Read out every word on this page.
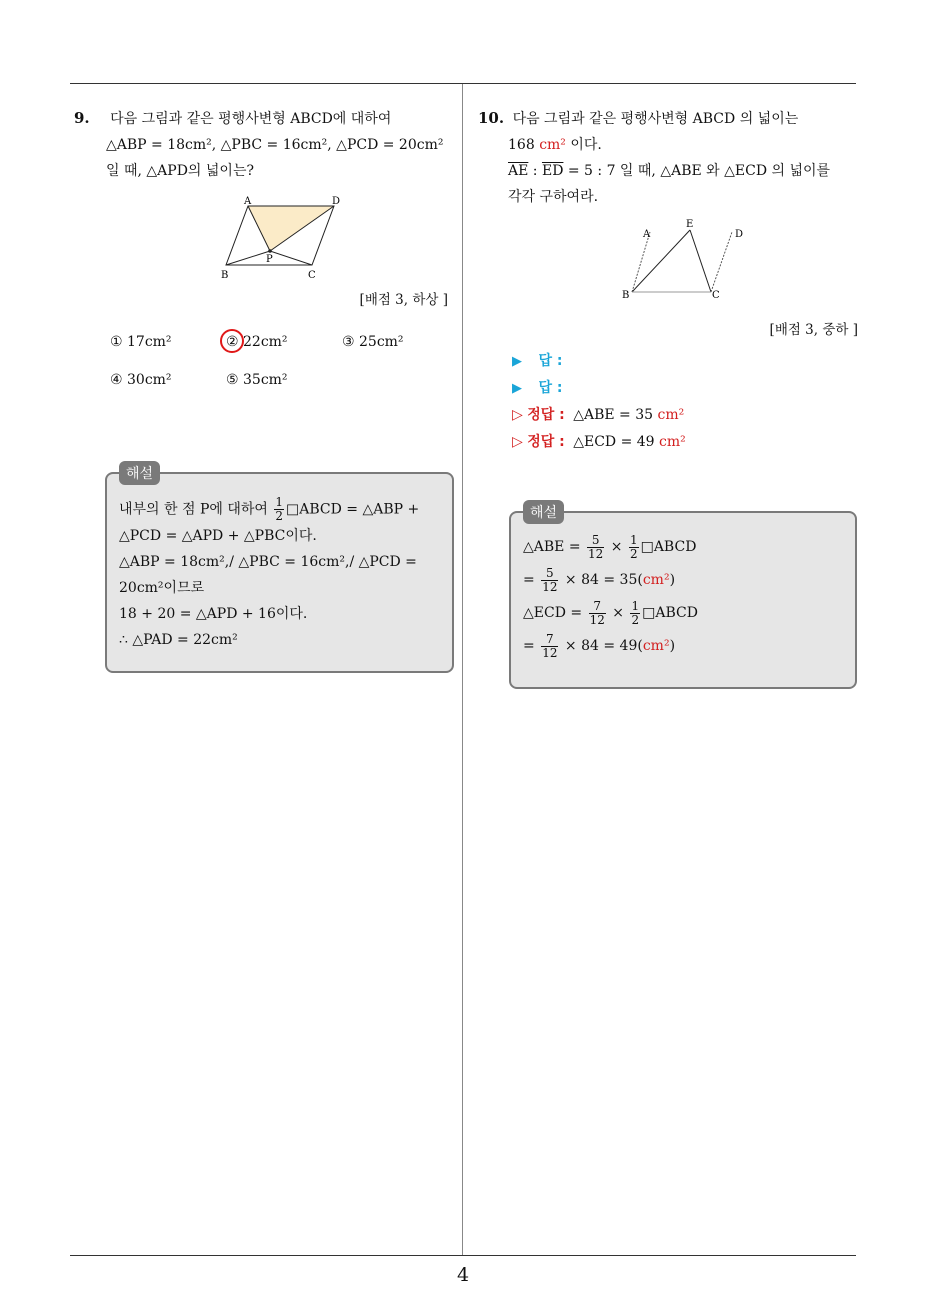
4
9. 다음 그림과 같은 평행사변형 ABCD에 대하여
△ABP = 18cm², △PBC = 16cm², △PCD = 20cm²
일 때, △APD의 넓이는?
A	D
P
B	C
[배점 3, 하상 ]
① 17cm²	② 22cm²	③ 25cm²
④ 30cm²	⑤ 35cm²
해설
내부의 한 점 P에 대하여 $\frac{1}{2}$ □ABCD = △ABP +
△PCD = △APD + △PBC이다.
△ABP = 18cm²,/ △PBC = 16cm²,/ △PCD =
20cm²이므로
18 + 20 = △APD + 16이다.
∴ △PAD = 22cm²
10. 다음 그림과 같은 평행사변형 ABCD 의 넓이는
168 cm² 이다.
$\overline{AE}$ : $\overline{ED} = 5$ : 7 일 때, △ABE 와 △ECD 의 넓이를
각각 구하여라.
A
E
D
B	C
[배점 3, 중하 ]
▶ 답 :
▶ 답 :
▷ 정답 : △ABE = 35 cm²
▷ 정답 : △ECD = 49 cm²
해설
△ABE = $\frac{5}{12} \times \frac{1}{2}$ □ABCD
= $\frac{5}{12} \times 84 = 35(cm^2)$
△ECD = $\frac{7}{12} \times \frac{1}{2}$ □ABCD
= $\frac{7}{12} \times 84 = 49(cm^2)$
